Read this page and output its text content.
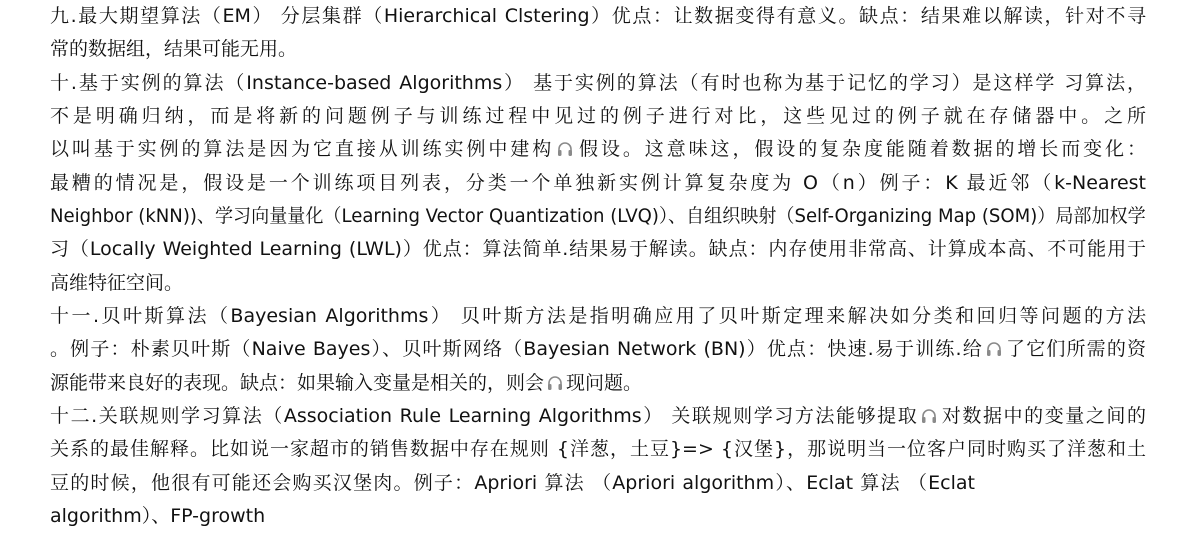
九.最大期望算法（EM） 分层集群（Hierarchical Clstering）优点：让数据变得有意义。缺点：结果难以解读，针对不寻
常的数据组，结果可能无用。
十.基于实例的算法（Instance-based Algorithms） 基于实例的算法（有时也称为基于记忆的学习）是这样学 习算法，
不是明确归纳，而是将新的问题例子与训练过程中见过的例子进行对比，这些见过的例子就在存储器中。之所
以叫基于实例的算法是因为它直接从训练实例中建构 假设。这意味这，假设的复杂度能随着数据的增长而变化：
最糟的情况是，假设是一个训练项目列表，分类一个单独新实例计算复杂度为 O（n）例子：K 最近邻（k-Nearest
Neighbor (kNN))、学习向量量化（Learning Vector Quantization (LVQ)）、自组织映射（Self-Organizing Map (SOM)）局部加权学
习（Locally Weighted Learning (LWL)）优点：算法简单.结果易于解读。缺点：内存使用非常高、计算成本高、不可能用于
高维特征空间。
十一.贝叶斯算法（Bayesian Algorithms） 贝叶斯方法是指明确应用了贝叶斯定理来解决如分类和回归等问题的方法
。例子：朴素贝叶斯（Naive Bayes）、贝叶斯网络（Bayesian Network (BN)）优点：快速.易于训练.给 了它们所需的资
源能带来良好的表现。缺点：如果输入变量是相关的，则会 现问题。
十二.关联规则学习算法（Association Rule Learning Algorithms） 关联规则学习方法能够提取 对数据中的变量之间的
关系的最佳解释。比如说一家超市的销售数据中存在规则 {洋葱，土豆}=> {汉堡}，那说明当一位客户同时购买了洋葱和土
豆的时候，他很有可能还会购买汉堡肉。例子：Apriori 算法 （Apriori algorithm）、Eclat 算法 （Eclat
algorithm）、FP-growth
